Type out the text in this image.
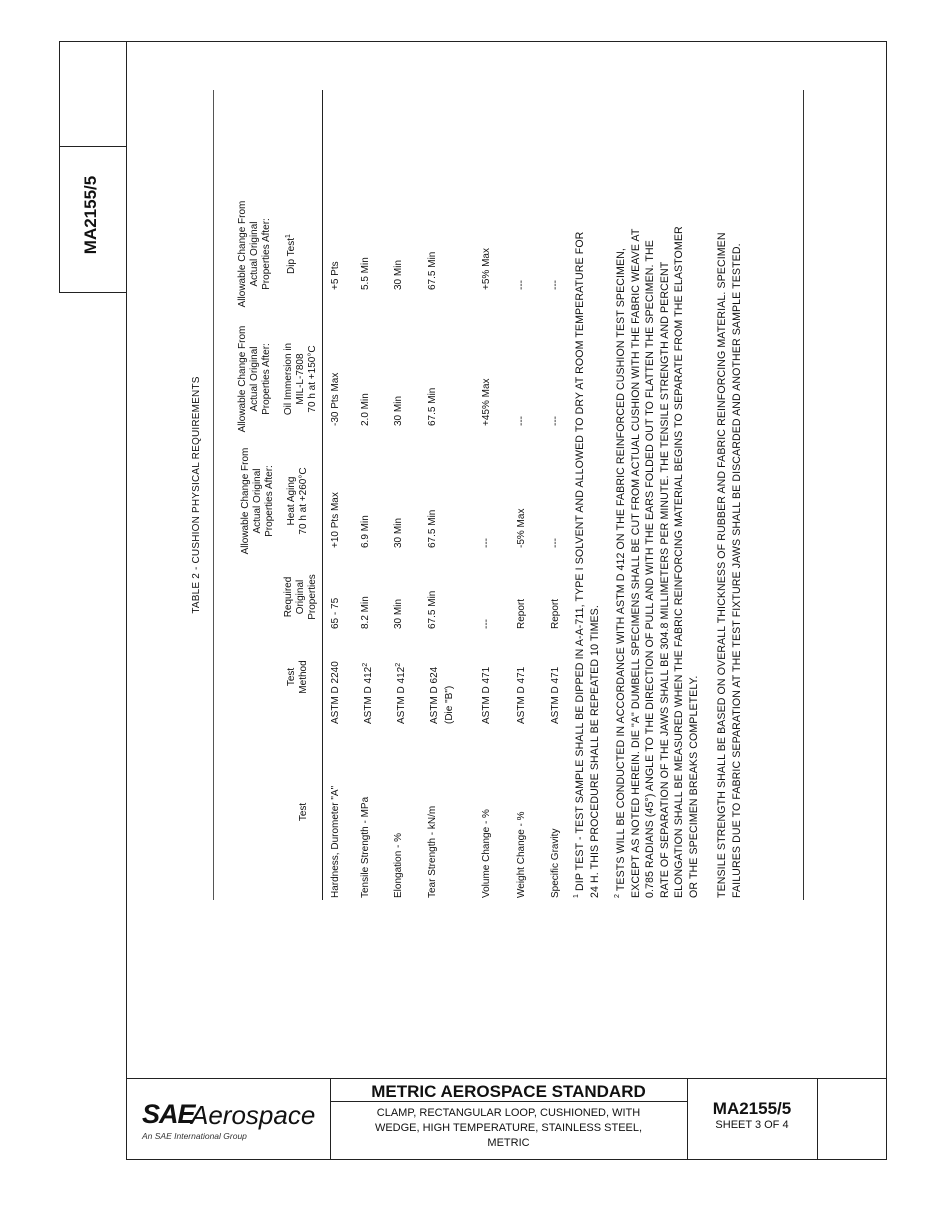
MA2155/5
TABLE 2 - CUSHION PHYSICAL REQUIREMENTS
Test
Test
Method
Required
Original
Properties
Allowable Change From
Actual Original
Properties After:
Heat Aging
70 h at +260°C
Allowable Change From
Actual Original
Properties After:
Oil Immersion in
MIL-L-7808
70 h at +150°C
Allowable Change From
Actual Original
Properties After:
Dip Test$^1$
Hardness, Durometer "A"
ASTM D 2240
65 - 75
+10 Pts Max
-30 Pts Max
+5 Pts
Tensile Strength - MPa
ASTM D $412^2$
8.2 Min
6.9 Min
2.0 Min
5.5 Min
Elongation - %
ASTM D $412^2$
30 Min
30 Min
30 Min
30 Min
Tear Strength - kN/m
ASTM D 624
(Die "B")
67.5 Min
67.5 Min
67.5 Min
67.5 Min
Volume Change - %
ASTM D 471
---
---
+45% Max
+5% Max
Weight Change - %
ASTM D 471
Report
-5% Max
---
---
Specific Gravity
ASTM D 471
Report
---
---
---

$^1$ DIP TEST - TEST SAMPLE SHALL BE DIPPED IN A-A-711, TYPE I SOLVENT AND ALLOWED TO DRY AT ROOM TEMPERATURE FOR
24 H. THIS PROCEDURE SHALL BE REPEATED 10 TIMES.

$^2$ TESTS WILL BE CONDUCTED IN ACCORDANCE WITH ASTM D 412 ON THE FABRIC REINFORCED CUSHION TEST SPECIMEN,
EXCEPT AS NOTED HEREIN. DIE "A" DUMBELL SPECIMENS SHALL BE CUT FROM ACTUAL CUSHION WITH THE FABRIC WEAVE AT
0.785 RADIANS (45°) ANGLE TO THE DIRECTION OF PULL AND WITH THE EARS FOLDED OUT TO FLATTEN THE SPECIMEN. THE
RATE OF SEPARATION OF THE JAWS SHALL BE 304.8 MILLIMETERS PER MINUTE. THE TENSILE STRENGTH AND PERCENT
ELONGATION SHALL BE MEASURED WHEN THE FABRIC REINFORCING MATERIAL BEGINS TO SEPARATE FROM THE ELASTOMER
OR THE SPECIMEN BREAKS COMPLETELY.

TENSILE STRENGTH SHALL BE BASED ON OVERALL THICKNESS OF RUBBER AND FABRIC REINFORCING MATERIAL. SPECIMEN
FAILURES DUE TO FABRIC SEPARATION AT THE TEST FIXTURE JAWS SHALL BE DISCARDED AND ANOTHER SAMPLE TESTED.

SAE
Aerospace
An SAE International Group
METRIC AEROSPACE STANDARD
CLAMP, RECTANGULAR LOOP, CUSHIONED, WITH
WEDGE, HIGH TEMPERATURE, STAINLESS STEEL,
METRIC
MA2155/5
SHEET 3 OF 4
